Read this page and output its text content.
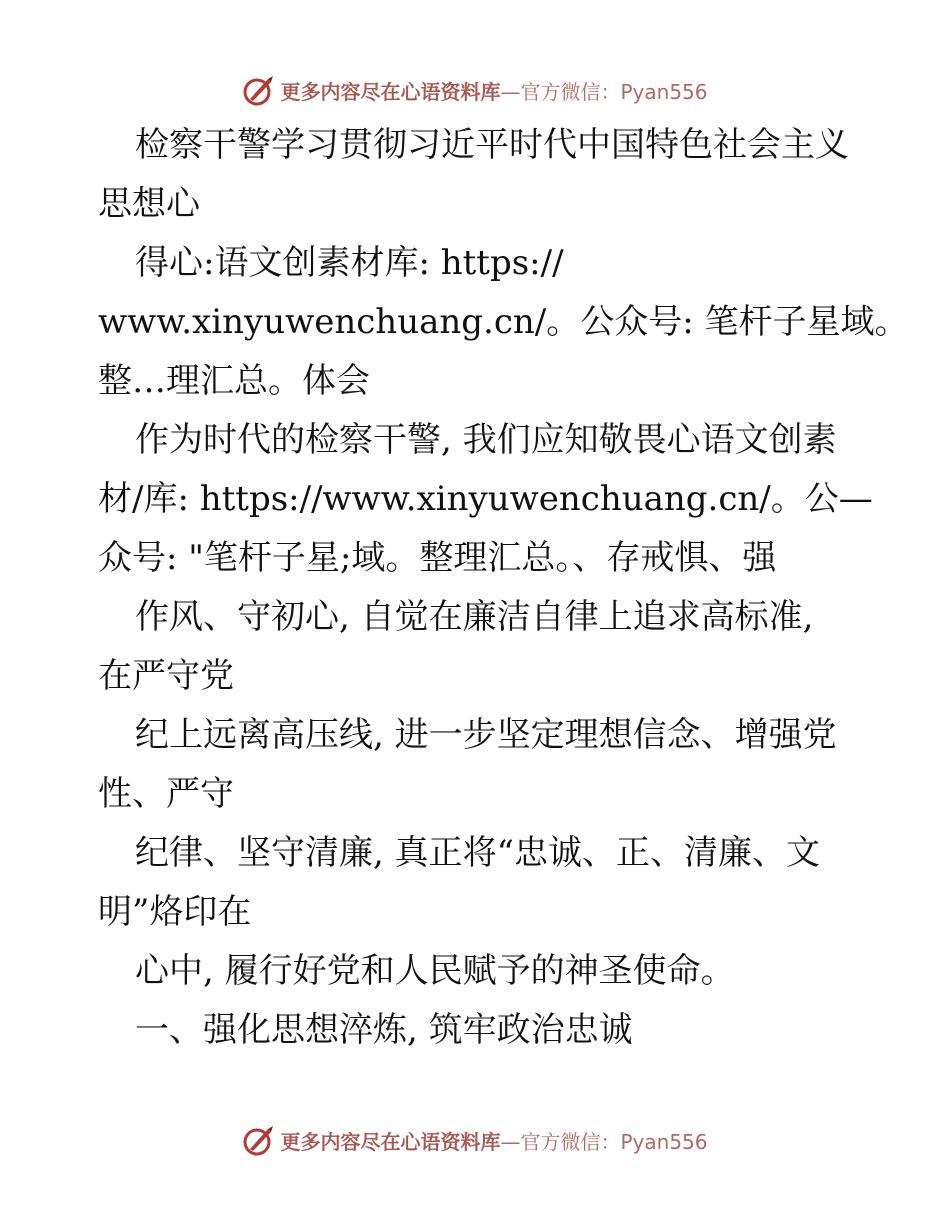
更多内容尽在心语资料库—官方微信：Pyan556
检察干警学习贯彻习近平时代中国特色社会主义
思想心
得心:语文创素材库: https://
www.xinyuwenchuang.cn/。公众号: 笔杆子星域。
整…理汇总。体会
作为时代的检察干警, 我们应知敬畏心语文创素
材/库: https://www.xinyuwenchuang.cn/。公—
众号: "笔杆子星;域。整理汇总。、存戒惧、强
作风、守初心, 自觉在廉洁自律上追求高标准,
在严守党
纪上远离高压线, 进一步坚定理想信念、增强党
性、严守
纪律、坚守清廉, 真正将“忠诚、正、清廉、文
明”烙印在
心中, 履行好党和人民赋予的神圣使命。
一、强化思想淬炼, 筑牢政治忠诚
更多内容尽在心语资料库—官方微信：Pyan556
